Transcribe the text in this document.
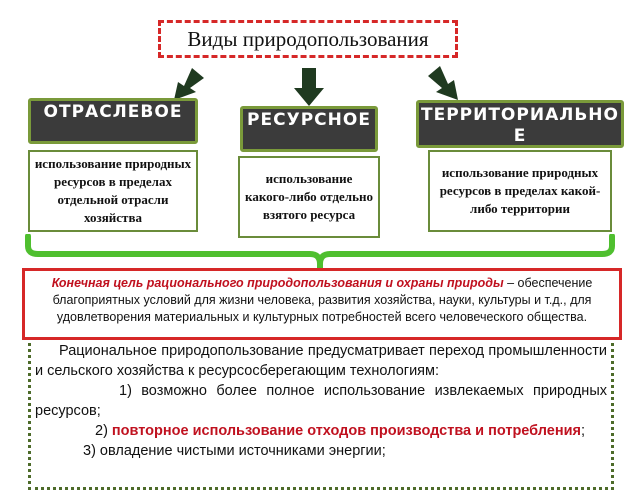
Виды природопользования
ОТРАСЛЕВОЕ	РЕСУРСНОЕ	ТЕРРИТОРИАЛЬНОЕ
использование природных ресурсов в пределах отдельной отрасли хозяйства
использование какого-либо отдельно взятого ресурса
использование природных ресурсов в пределах какой-либо территории

Рациональное природопользование предусматривает переход промышленности и сельского хозяйства к ресурсосберегающим технологиям:

1) возможно более полное использование извлекаемых природных ресурсов;

2) повторное использование отходов производства и потребления;

3) овладение чистыми источниками энергии;

Конечная цель рационального природопользования и охраны природы – обеспечение благоприятных условий для жизни человека, развития хозяйства, науки, культуры и т.д., для удовлетворения материальных и культурных потребностей всего человеческого общества.
